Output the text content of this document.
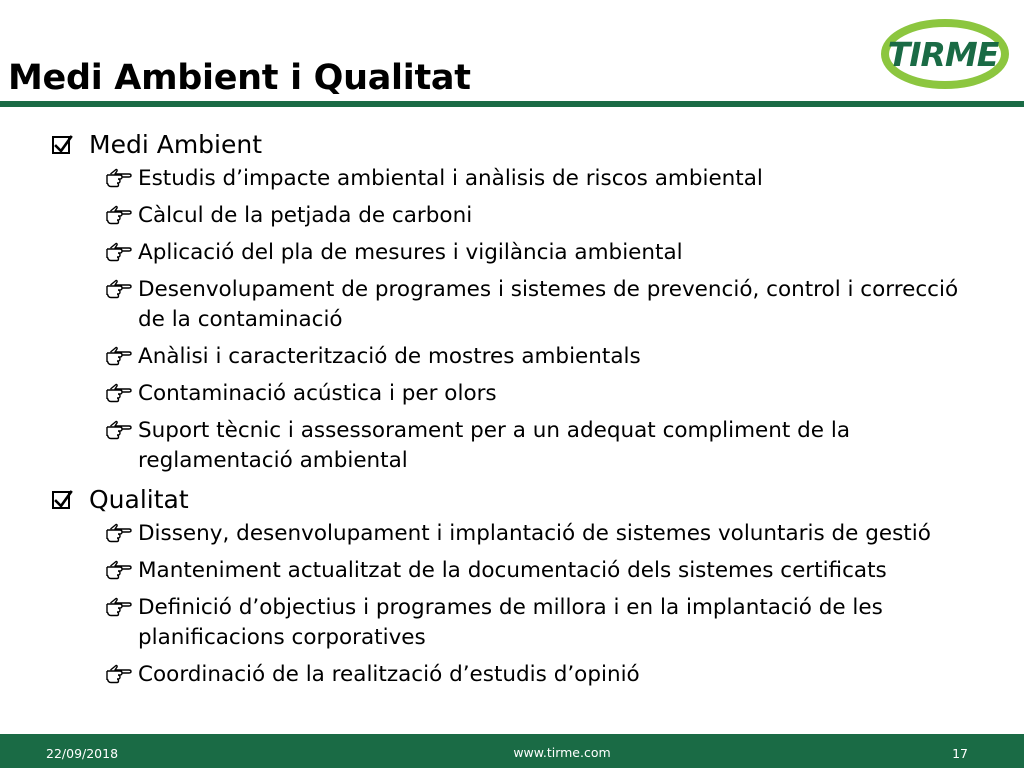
Medi Ambient i Qualitat
TIRME
Medi Ambient
Estudis d’impacte ambiental i anàlisis de riscos ambiental
Càlcul de la petjada de carboni
Aplicació del pla de mesures i vigilància ambiental
Desenvolupament de programes i sistemes de prevenció, control i correcció de la contaminació
Anàlisi i caracterització de mostres ambientals
Contaminació acústica i per olors
Suport tècnic i assessorament per a un adequat compliment de la reglamentació ambiental
Qualitat
Disseny, desenvolupament i implantació de sistemes voluntaris de gestió
Manteniment actualitzat de la documentació dels sistemes certificats
Definició d’objectius i programes de millora i en la implantació de les planificacions corporatives
Coordinació de la realització d’estudis d’opinió
22/09/2018	www.tirme.com	17
